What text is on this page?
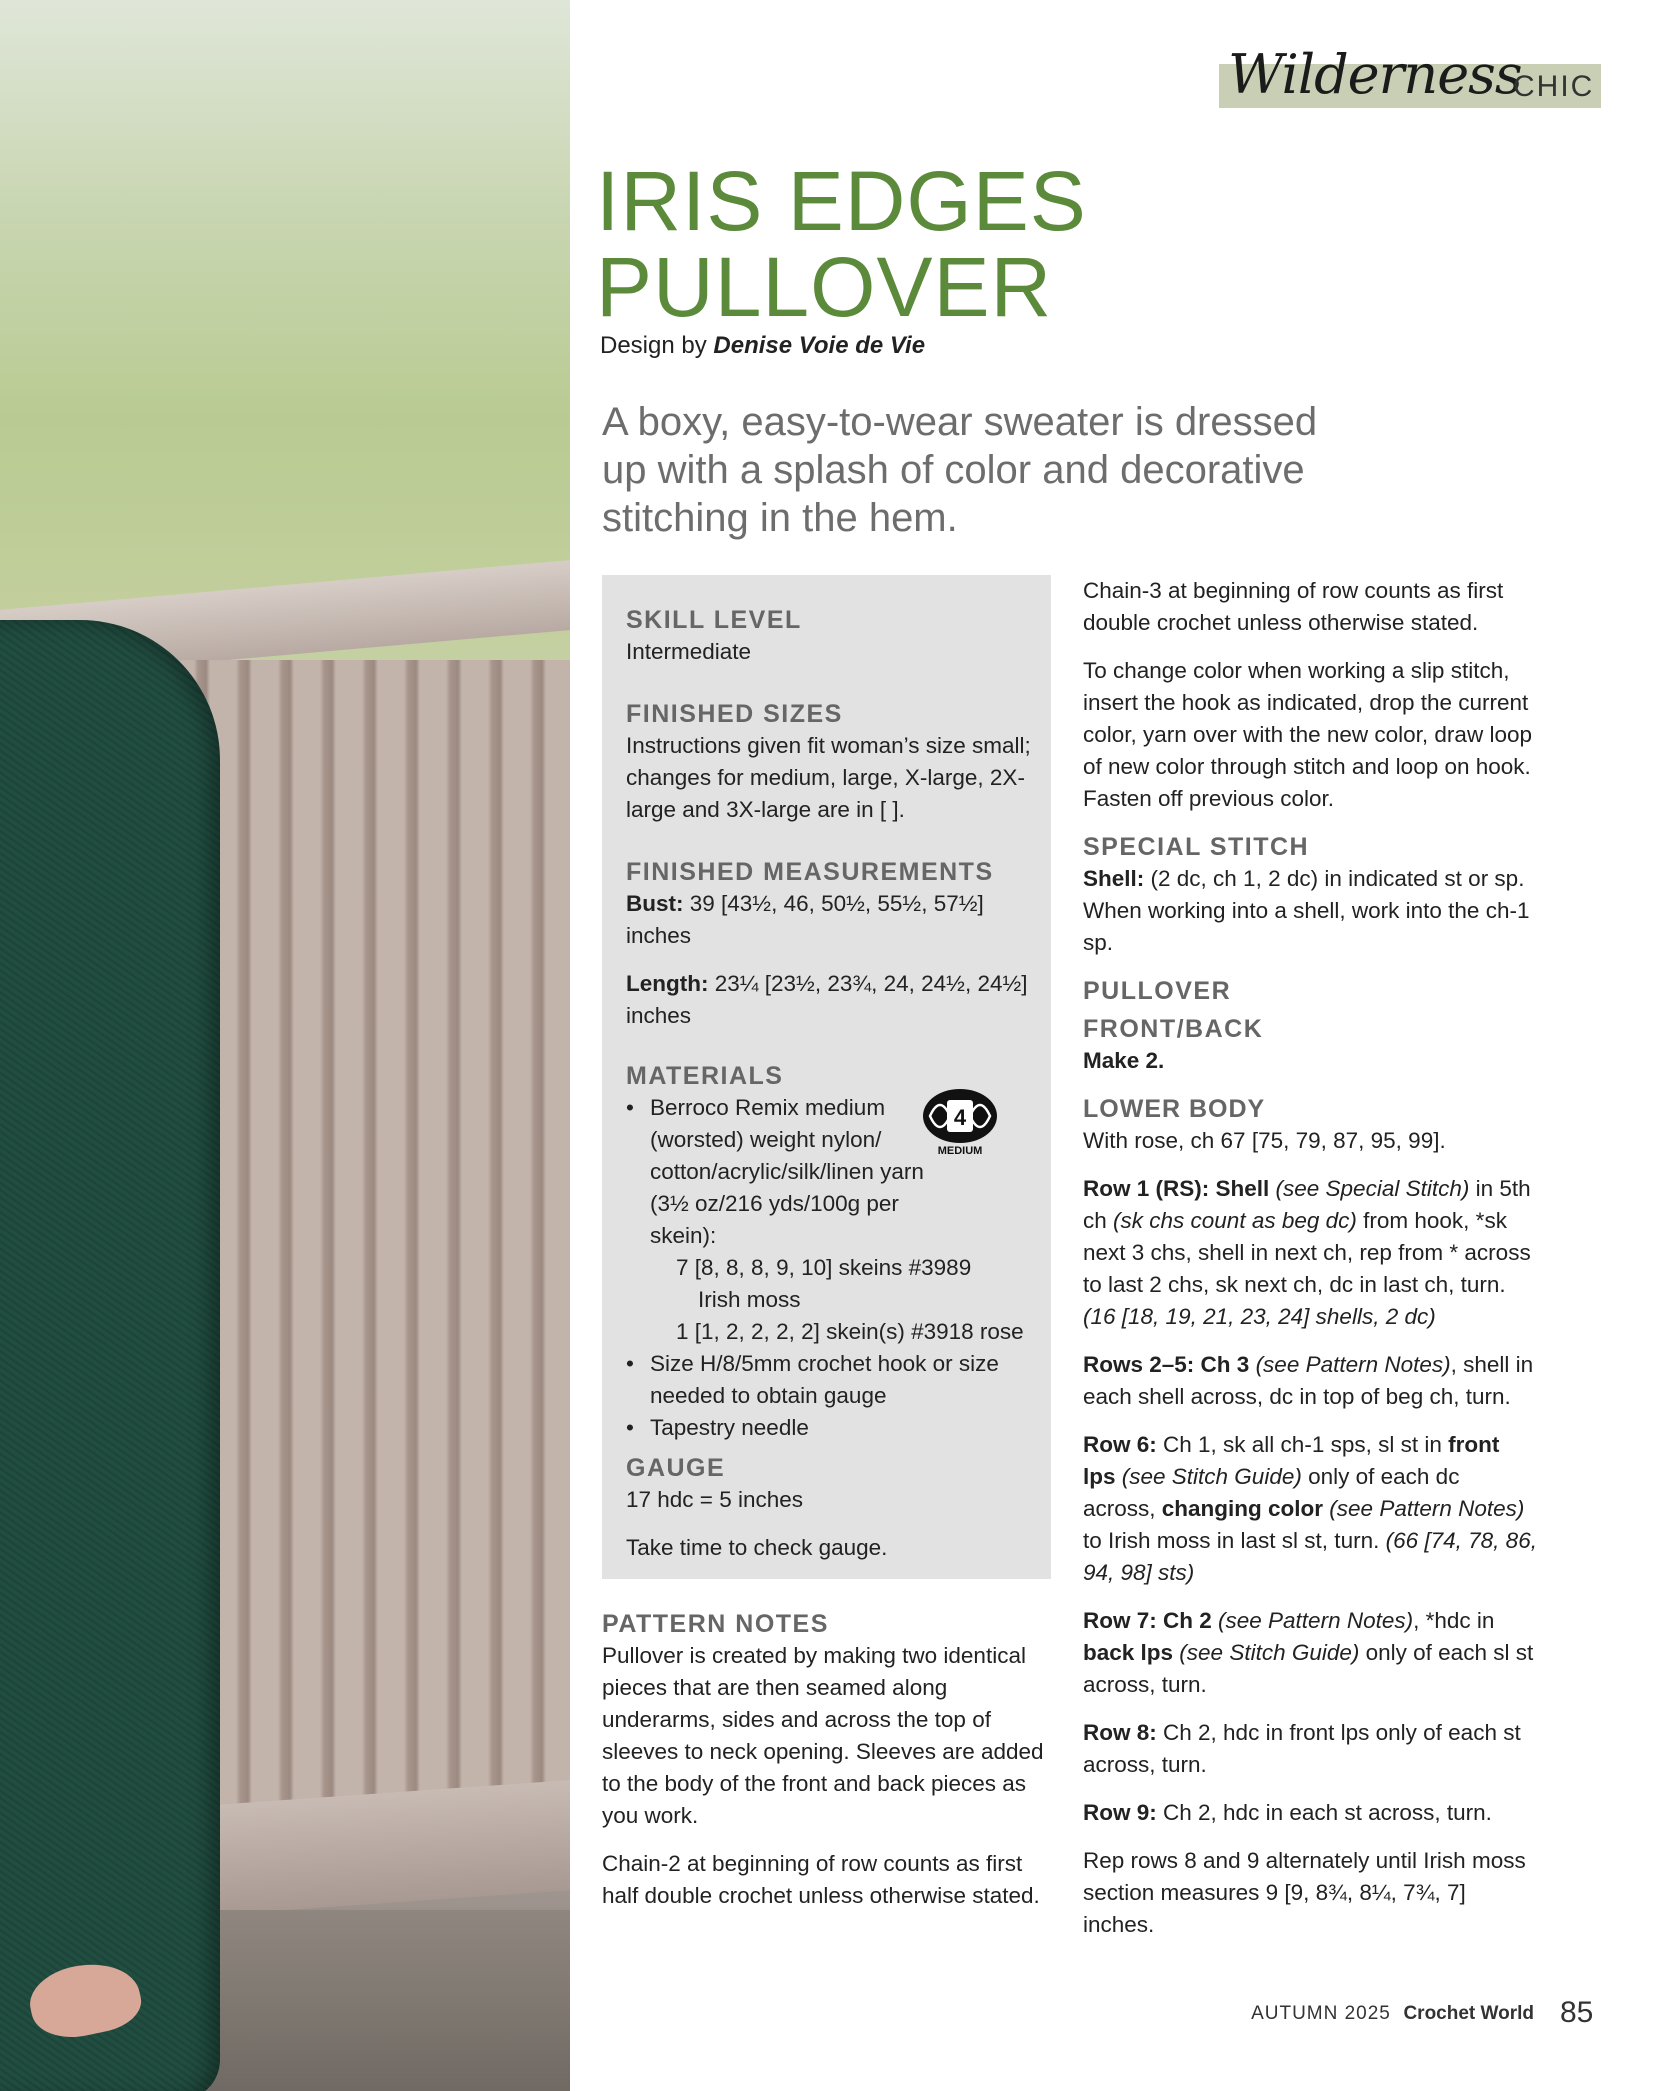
Wilderness
CHIC
IRIS EDGES
PULLOVER
Design by Denise Voie de Vie
A boxy, easy-to-wear sweater is dressed up with a splash of color and decorative stitching in the hem.
SKILL LEVEL

Intermediate

FINISHED SIZES

Instructions given fit woman’s size small; changes for medium, large, X-large, 2X-large and 3X-large are in [ ].

FINISHED MEASUREMENTS

Bust: 39 [43½, 46, 50½, 55½, 57½] inches

Length: 23¼ [23½, 23¾, 24, 24½, 24½] inches

MATERIALS
• Berroco Remix medium (worsted) weight nylon/ cotton/acrylic/silk/linen yarn (3½ oz/216 yds/100g per skein):
7 [8, 8, 8, 9, 10] skeins #3989
Irish moss
1 [1, 2, 2, 2, 2] skein(s) #3918 rose
• Size H/8/5mm crochet hook or size needed to obtain gauge
• Tapestry needle
GAUGE

17 hdc = 5 inches

Take time to check gauge.

4
MEDIUM
PATTERN NOTES

Pullover is created by making two identical pieces that are then seamed along underarms, sides and across the top of sleeves to neck opening. Sleeves are added to the body of the front and back pieces as you work.

Chain-2 at beginning of row counts as first half double crochet unless otherwise stated.

Chain-3 at beginning of row counts as first double crochet unless otherwise stated.

To change color when working a slip stitch, insert the hook as indicated, drop the current color, yarn over with the new color, draw loop of new color through stitch and loop on hook. Fasten off previous color.

SPECIAL STITCH

Shell: (2 dc, ch 1, 2 dc) in indicated st or sp. When working into a shell, work into the ch-1 sp.

PULLOVER
FRONT/BACK

Make 2.

LOWER BODY

With rose, ch 67 [75, 79, 87, 95, 99].

Row 1 (RS): Shell (see Special Stitch) in 5th ch (sk chs count as beg dc) from hook, *sk next 3 chs, shell in next ch, rep from * across to last 2 chs, sk next ch, dc in last ch, turn. (16 [18, 19, 21, 23, 24] shells, 2 dc)

Rows 2–5: Ch 3 (see Pattern Notes), shell in each shell across, dc in top of beg ch, turn.

Row 6: Ch 1, sk all ch-1 sps, sl st in front lps (see Stitch Guide) only of each dc across, changing color (see Pattern Notes) to Irish moss in last sl st, turn. (66 [74, 78, 86, 94, 98] sts)

Row 7: Ch 2 (see Pattern Notes), *hdc in back lps (see Stitch Guide) only of each sl st across, turn.

Row 8: Ch 2, hdc in front lps only of each st across, turn.

Row 9: Ch 2, hdc in each st across, turn.

Rep rows 8 and 9 alternately until Irish moss section measures 9 [9, 8¾, 8¼, 7¾, 7] inches.

AUTUMN 2025 Crochet World 85
